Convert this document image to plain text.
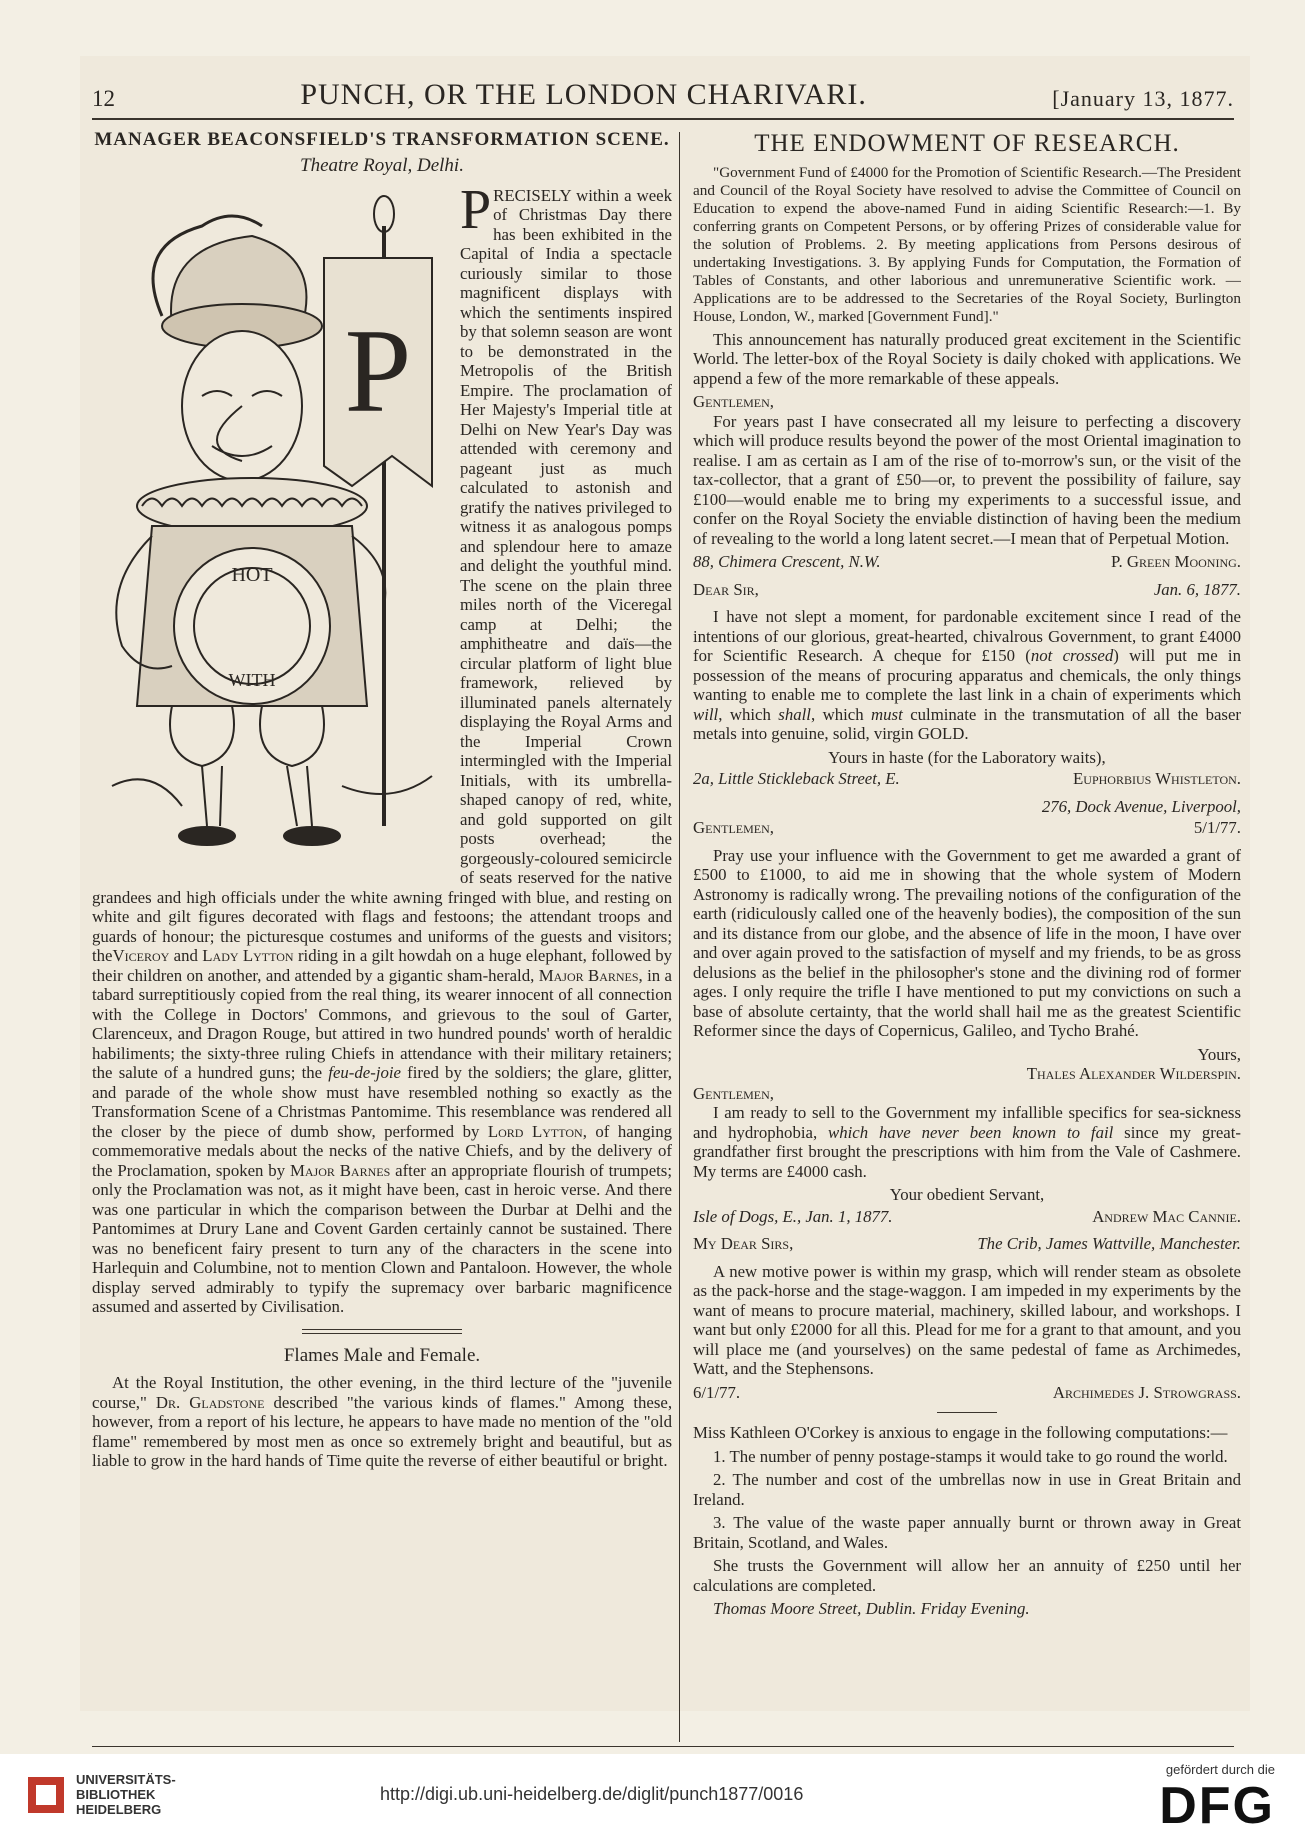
12	PUNCH, OR THE LONDON CHARIVARI.	[January 13, 1877.
MANAGER BEACONSFIELD'S TRANSFORMATION SCENE.
Theatre Royal, Delhi.
P
HOT
WITH

PRECISELY within a week of Christmas Day there has been exhibited in the Capital of India a spectacle curiously similar to those magnificent displays with which the sentiments inspired by that solemn season are wont to be demonstrated in the Metropolis of the British Empire. The proclamation of Her Majesty's Imperial title at Delhi on New Year's Day was attended with ceremony and pageant just as much calculated to astonish and gratify the natives privileged to witness it as analogous pomps and splendour here to amaze and delight the youthful mind. The scene on the plain three miles north of the Viceregal camp at Delhi; the amphitheatre and daïs—the circular platform of light blue framework, relieved by illuminated panels alternately displaying the Royal Arms and the Imperial Crown intermingled with the Imperial Initials, with its umbrella-shaped canopy of red, white, and gold supported on gilt posts overhead; the gorgeously-coloured semicircle of seats reserved for the native grandees and high officials under the white awning fringed with blue, and resting on white and gilt figures decorated with flags and festoons; the attendant troops and guards of honour; the picturesque costumes and uniforms of the guests and visitors; theViceroy and Lady Lytton riding in a gilt howdah on a huge elephant, followed by their children on another, and attended by a gigantic sham-herald, Major Barnes, in a tabard surreptitiously copied from the real thing, its wearer innocent of all connection with the College in Doctors' Commons, and grievous to the soul of Garter, Clarenceux, and Dragon Rouge, but attired in two hundred pounds' worth of heraldic habiliments; the sixty-three ruling Chiefs in attendance with their military retainers; the salute of a hundred guns; the feu-de-joie fired by the soldiers; the glare, glitter, and parade of the whole show must have resembled nothing so exactly as the Transformation Scene of a Christmas Pantomime. This resemblance was rendered all the closer by the piece of dumb show, performed by Lord Lytton, of hanging commemorative medals about the necks of the native Chiefs, and by the delivery of the Proclamation, spoken by Major Barnes after an appropriate flourish of trumpets; only the Proclamation was not, as it might have been, cast in heroic verse. And there was one particular in which the comparison between the Durbar at Delhi and the Pantomimes at Drury Lane and Covent Garden certainly cannot be sustained. There was no beneficent fairy present to turn any of the characters in the scene into Harlequin and Columbine, not to mention Clown and Pantaloon. However, the whole display served admirably to typify the supremacy over barbaric magnificence assumed and asserted by Civilisation.

Flames Male and Female.

At the Royal Institution, the other evening, in the third lecture of the "juvenile course," Dr. Gladstone described "the various kinds of flames." Among these, however, from a report of his lecture, he appears to have made no mention of the "old flame" remembered by most men as once so extremely bright and beautiful, but as liable to grow in the hard hands of Time quite the reverse of either beautiful or bright.

THE ENDOWMENT OF RESEARCH.

"Government Fund of £4000 for the Promotion of Scientific Research.—The President and Council of the Royal Society have resolved to advise the Committee of Council on Education to expend the above-named Fund in aiding Scientific Research:—1. By conferring grants on Competent Persons, or by offering Prizes of considerable value for the solution of Problems. 2. By meeting applications from Persons desirous of undertaking Investigations. 3. By applying Funds for Computation, the Formation of Tables of Constants, and other laborious and unremunerative Scientific work. —Applications are to be addressed to the Secretaries of the Royal Society, Burlington House, London, W., marked [Government Fund]."

This announcement has naturally produced great excitement in the Scientific World. The letter-box of the Royal Society is daily choked with applications. We append a few of the more remarkable of these appeals.

Gentlemen,

For years past I have consecrated all my leisure to perfecting a discovery which will produce results beyond the power of the most Oriental imagination to realise. I am as certain as I am of the rise of to-morrow's sun, or the visit of the tax-collector, that a grant of £50—or, to prevent the possibility of failure, say £100—would enable me to bring my experiments to a successful issue, and confer on the Royal Society the enviable distinction of having been the medium of revealing to the world a long latent secret.—I mean that of Perpetual Motion.

88, Chimera Crescent, N.W.	P. Green Mooning.
Dear Sir,	Jan. 6, 1877.

I have not slept a moment, for pardonable excitement since I read of the intentions of our glorious, great-hearted, chivalrous Government, to grant £4000 for Scientific Research. A cheque for £150 (not crossed) will put me in possession of the means of procuring apparatus and chemicals, the only things wanting to enable me to complete the last link in a chain of experiments which will, which shall, which must culminate in the transmutation of all the baser metals into genuine, solid, virgin GOLD.

Yours in haste (for the Laboratory waits),
2a, Little Stickleback Street, E.	Euphorbius Whistleton.
276, Dock Avenue, Liverpool,
Gentlemen,	5/1/77.

Pray use your influence with the Government to get me awarded a grant of £500 to £1000, to aid me in showing that the whole system of Modern Astronomy is radically wrong. The prevailing notions of the configuration of the earth (ridiculously called one of the heavenly bodies), the composition of the sun and its distance from our globe, and the absence of life in the moon, I have over and over again proved to the satisfaction of myself and my friends, to be as gross delusions as the belief in the philosopher's stone and the divining rod of former ages. I only require the trifle I have mentioned to put my convictions on such a base of absolute certainty, that the world shall hail me as the greatest Scientific Reformer since the days of Copernicus, Galileo, and Tycho Brahé.

Yours,
Thales Alexander Wilderspin.
Gentlemen,

I am ready to sell to the Government my infallible specifics for sea-sickness and hydrophobia, which have never been known to fail since my great-grandfather first brought the prescriptions with him from the Vale of Cashmere. My terms are £4000 cash.

Your obedient Servant,
Isle of Dogs, E., Jan. 1, 1877.	Andrew Mac Cannie.
My Dear Sirs,	The Crib, James Wattville, Manchester.

A new motive power is within my grasp, which will render steam as obsolete as the pack-horse and the stage-waggon. I am impeded in my experiments by the want of means to procure material, machinery, skilled labour, and workshops. I want but only £2000 for all this. Plead for me for a grant to that amount, and you will place me (and yourselves) on the same pedestal of fame as Archimedes, Watt, and the Stephensons.

6/1/77.	Archimedes J. Strowgrass.

Miss Kathleen O'Corkey is anxious to engage in the following computations:—

1. The number of penny postage-stamps it would take to go round the world.

2. The number and cost of the umbrellas now in use in Great Britain and Ireland.

3. The value of the waste paper annually burnt or thrown away in Great Britain, Scotland, and Wales.

She trusts the Government will allow her an annuity of £250 until her calculations are completed.

Thomas Moore Street, Dublin. Friday Evening.

UNIVERSITÄTS-
BIBLIOTHEK
HEIDELBERG
http://digi.ub.uni-heidelberg.de/diglit/punch1877/0016
gefördert durch die
DFG
